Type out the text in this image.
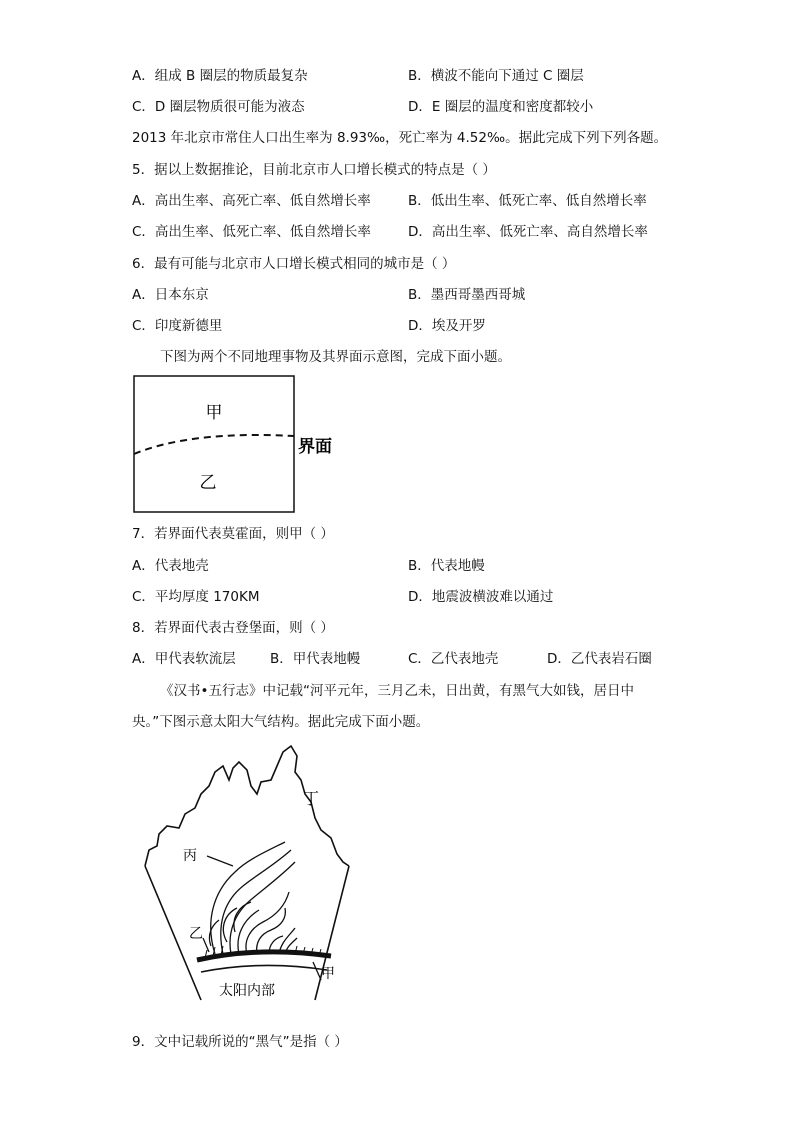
A．组成 B 圈层的物质最复杂	B．横波不能向下通过 C 圈层
C．D 圈层物质很可能为液态	D．E 圈层的温度和密度都较小
2013 年北京市常住人口出生率为 8.93‰，死亡率为 4.52‰。据此完成下列下列各题。
5．据以上数据推论，目前北京市人口增长模式的特点是（ ）
A．高出生率、高死亡率、低自然增长率	B．低出生率、低死亡率、低自然增长率
C．高出生率、低死亡率、低自然增长率	D．高出生率、低死亡率、高自然增长率
6．最有可能与北京市人口增长模式相同的城市是（ ）
A．日本东京	B．墨西哥墨西哥城
C．印度新德里	D．埃及开罗
下图为两个不同地理事物及其界面示意图，完成下面小题。
甲
乙
界面
7．若界面代表莫霍面，则甲（ ）
A．代表地壳	B．代表地幔
C．平均厚度 170KM	D．地震波横波难以通过
8．若界面代表古登堡面，则（ ）
A．甲代表软流层	B．甲代表地幔	C．乙代表地壳	D．乙代表岩石圈
《汉书•五行志》中记载“河平元年，三月乙未，日出黄，有黑气大如钱，居日中
央。”下图示意太阳大气结构。据此完成下面小题。
丁
丙
乙
甲
太阳内部
9．文中记载所说的“黑气”是指（ ）
